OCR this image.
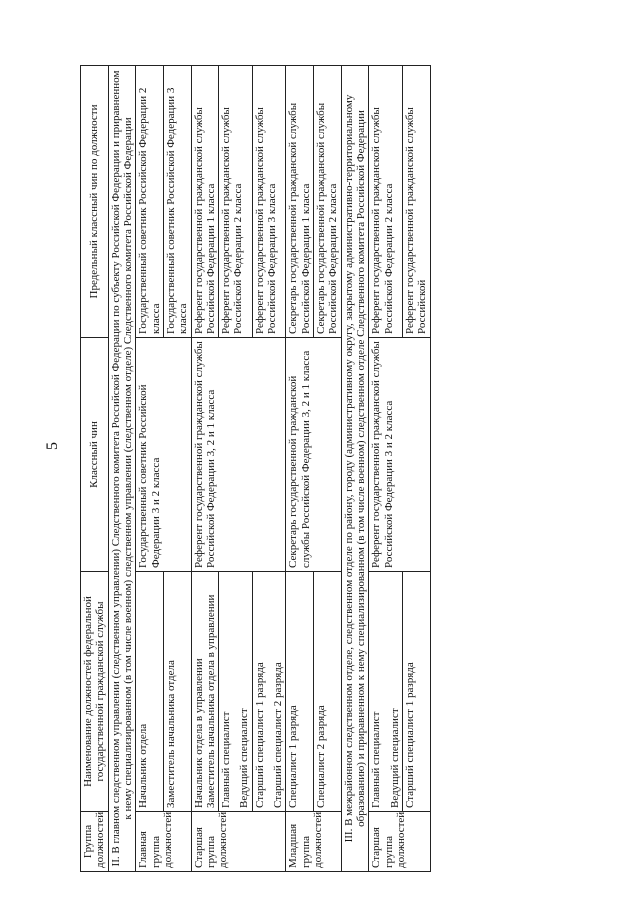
5
Группа должностей	Наименование должностей федеральной государственной гражданской службы	Классный чин	Предельный классный чин по должности
II. В главном следственном управлении (следственном управлении) Следственного комитета Российской Федерации по субъекту Российской Федерации и приравненном к нему специализированном (в том числе военном) следственном управлении (следственном отделе) Следственного комитета Российской Федерации			
Главная группа должностей	Начальник отдела	Государственный советник Российской Федерации 3 и 2 класса	Государственный советник Российской Федерации 2 класса
	Заместитель начальника отдела		Государственный советник Российской Федерации 3 класса
Старшая группа должностей	Начальник отдела в управлении Заместитель начальника отдела в управлении	Референт государственной гражданской службы Российской Федерации 3, 2 и 1 класса	Референт государственной гражданской службы Российской Федерации 1 класса

	Главный специалист Ведущий специалист		Референт государственной гражданской службы Российской Федерации 2 класса

	Старший специалист 1 разряда Старший специалист 2 разряда		Референт государственной гражданской службы Российской Федерации 3 класса
Младшая группа должностей	Специалист 1 разряда	Секретарь государственной гражданской службы Российской Федерации 3, 2 и 1 класса	Секретарь государственной гражданской службы Российской Федерации 1 класса
	Специалист 2 разряда		Секретарь государственной гражданской службы Российской Федерации 2 класса
III. В межрайонном следственном отделе, следственном отделе по району, городу (административному округу, закрытому административно-территориальному образованию) и приравненном к нему специализированном (в том числе военном) следственном отделе Следственного комитета Российской Федерации			
Старшая группа должностей	Главный специалист Ведущий специалист	Референт государственной гражданской службы Российской Федерации 3 и 2 класса	Референт государственной гражданской службы Российской Федерации 2 класса
	Старший специалист 1 разряда		Референт государственной гражданской службы Российской
